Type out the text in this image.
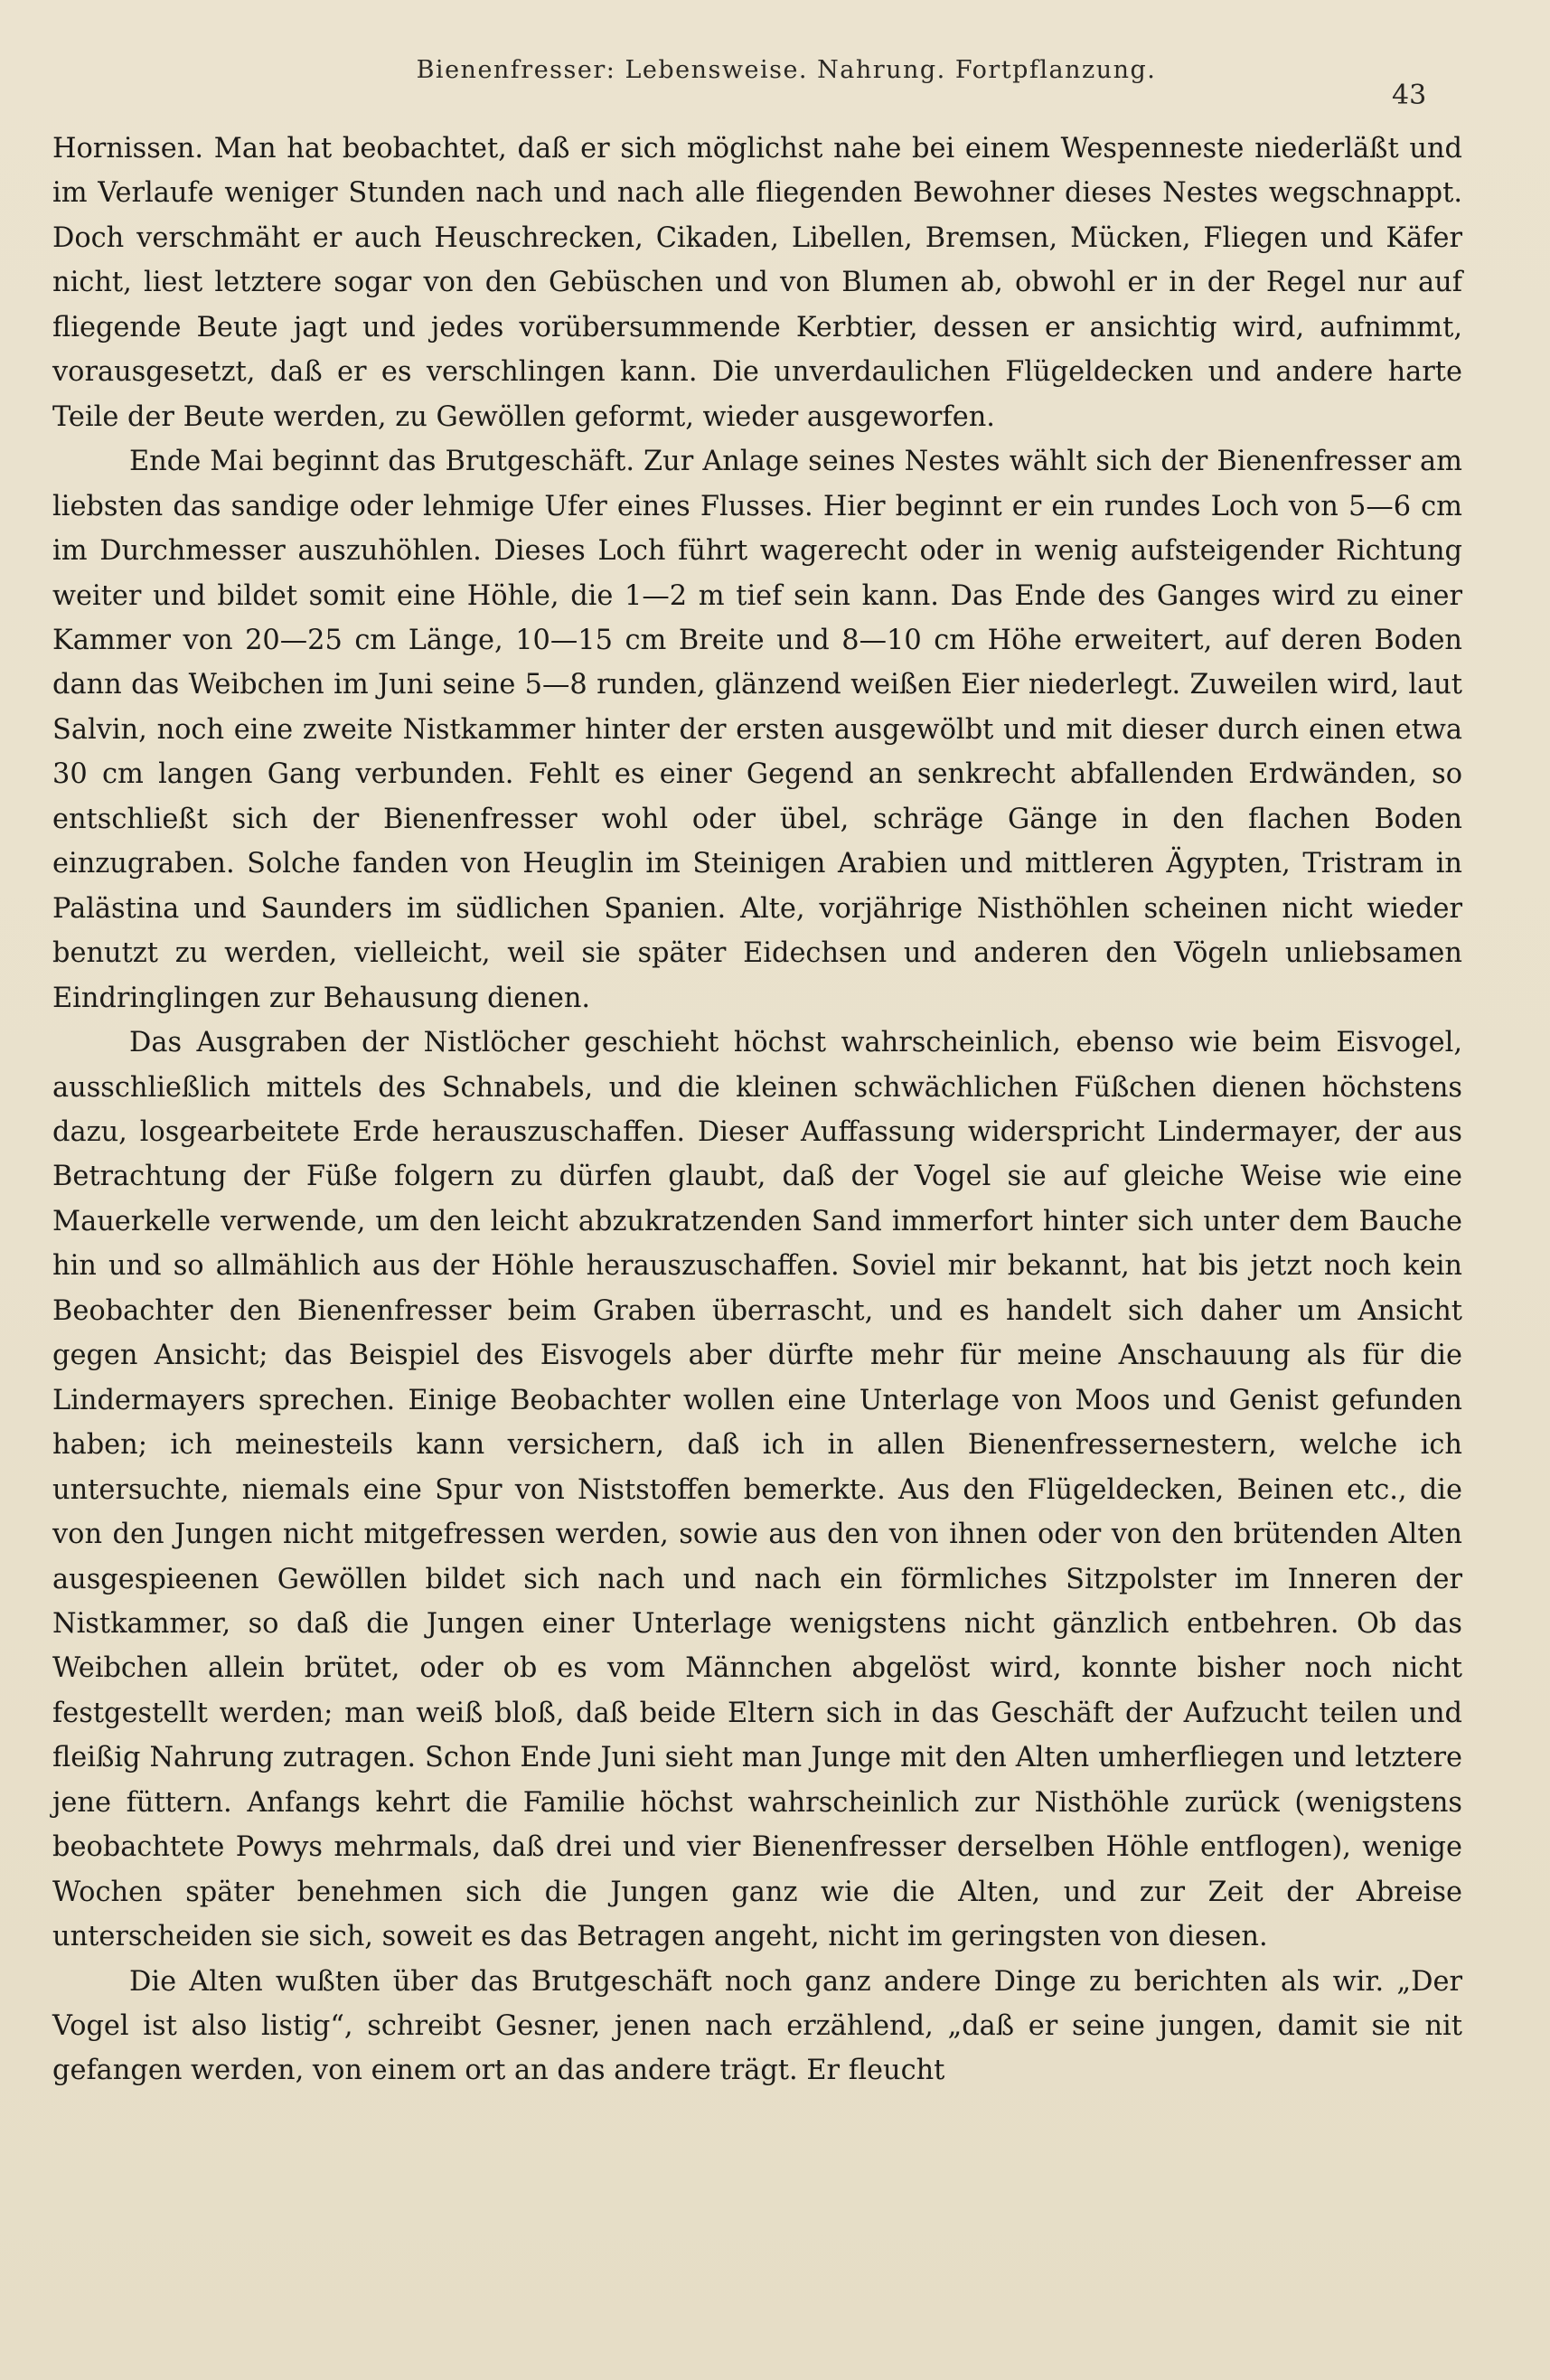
Bienenfresser: Lebensweise. Nahrung. Fortpflanzung.
43

Hornissen. Man hat beobachtet, daß er sich möglichst nahe bei einem Wespenneste niederläßt und im Verlaufe weniger Stunden nach und nach alle fliegenden Bewohner dieses Nestes wegschnappt. Doch verschmäht er auch Heuschrecken, Cikaden, Libellen, Bremsen, Mücken, Fliegen und Käfer nicht, liest letztere sogar von den Gebüschen und von Blumen ab, obwohl er in der Regel nur auf fliegende Beute jagt und jedes vorübersummende Kerbtier, dessen er ansichtig wird, aufnimmt, vorausgesetzt, daß er es verschlingen kann. Die unverdaulichen Flügeldecken und andere harte Teile der Beute werden, zu Gewöllen geformt, wieder ausgeworfen.

Ende Mai beginnt das Brutgeschäft. Zur Anlage seines Nestes wählt sich der Bienenfresser am liebsten das sandige oder lehmige Ufer eines Flusses. Hier beginnt er ein rundes Loch von 5—6 cm im Durchmesser auszuhöhlen. Dieses Loch führt wagerecht oder in wenig aufsteigender Richtung weiter und bildet somit eine Höhle, die 1—2 m tief sein kann. Das Ende des Ganges wird zu einer Kammer von 20—25 cm Länge, 10—15 cm Breite und 8—10 cm Höhe erweitert, auf deren Boden dann das Weibchen im Juni seine 5—8 runden, glänzend weißen Eier niederlegt. Zuweilen wird, laut Salvin, noch eine zweite Nistkammer hinter der ersten ausgewölbt und mit dieser durch einen etwa 30 cm langen Gang verbunden. Fehlt es einer Gegend an senkrecht abfallenden Erdwänden, so entschließt sich der Bienenfresser wohl oder übel, schräge Gänge in den flachen Boden einzugraben. Solche fanden von Heuglin im Steinigen Arabien und mittleren Ägypten, Tristram in Palästina und Saunders im südlichen Spanien. Alte, vorjährige Nisthöhlen scheinen nicht wieder benutzt zu werden, vielleicht, weil sie später Eidechsen und anderen den Vögeln unliebsamen Eindringlingen zur Behausung dienen.

Das Ausgraben der Nistlöcher geschieht höchst wahrscheinlich, ebenso wie beim Eisvogel, ausschließlich mittels des Schnabels, und die kleinen schwächlichen Füßchen dienen höchstens dazu, losgearbeitete Erde herauszuschaffen. Dieser Auffassung widerspricht Lindermayer, der aus Betrachtung der Füße folgern zu dürfen glaubt, daß der Vogel sie auf gleiche Weise wie eine Mauerkelle verwende, um den leicht abzukratzenden Sand immerfort hinter sich unter dem Bauche hin und so allmählich aus der Höhle herauszuschaffen. Soviel mir bekannt, hat bis jetzt noch kein Beobachter den Bienenfresser beim Graben überrascht, und es handelt sich daher um Ansicht gegen Ansicht; das Beispiel des Eisvogels aber dürfte mehr für meine Anschauung als für die Lindermayers sprechen. Einige Beobachter wollen eine Unterlage von Moos und Genist gefunden haben; ich meinesteils kann versichern, daß ich in allen Bienenfressernestern, welche ich untersuchte, niemals eine Spur von Niststoffen bemerkte. Aus den Flügeldecken, Beinen etc., die von den Jungen nicht mitgefressen werden, sowie aus den von ihnen oder von den brütenden Alten ausgespieenen Gewöllen bildet sich nach und nach ein förmliches Sitzpolster im Inneren der Nistkammer, so daß die Jungen einer Unterlage wenigstens nicht gänzlich entbehren. Ob das Weibchen allein brütet, oder ob es vom Männchen abgelöst wird, konnte bisher noch nicht festgestellt werden; man weiß bloß, daß beide Eltern sich in das Geschäft der Aufzucht teilen und fleißig Nahrung zutragen. Schon Ende Juni sieht man Junge mit den Alten umherfliegen und letztere jene füttern. Anfangs kehrt die Familie höchst wahrscheinlich zur Nisthöhle zurück (wenigstens beobachtete Powys mehrmals, daß drei und vier Bienenfresser derselben Höhle entflogen), wenige Wochen später benehmen sich die Jungen ganz wie die Alten, und zur Zeit der Abreise unterscheiden sie sich, soweit es das Betragen angeht, nicht im geringsten von diesen.

Die Alten wußten über das Brutgeschäft noch ganz andere Dinge zu berichten als wir. „Der Vogel ist also listig“, schreibt Gesner, jenen nach erzählend, „daß er seine jungen, damit sie nit gefangen werden, von einem ort an das andere trägt. Er fleucht
